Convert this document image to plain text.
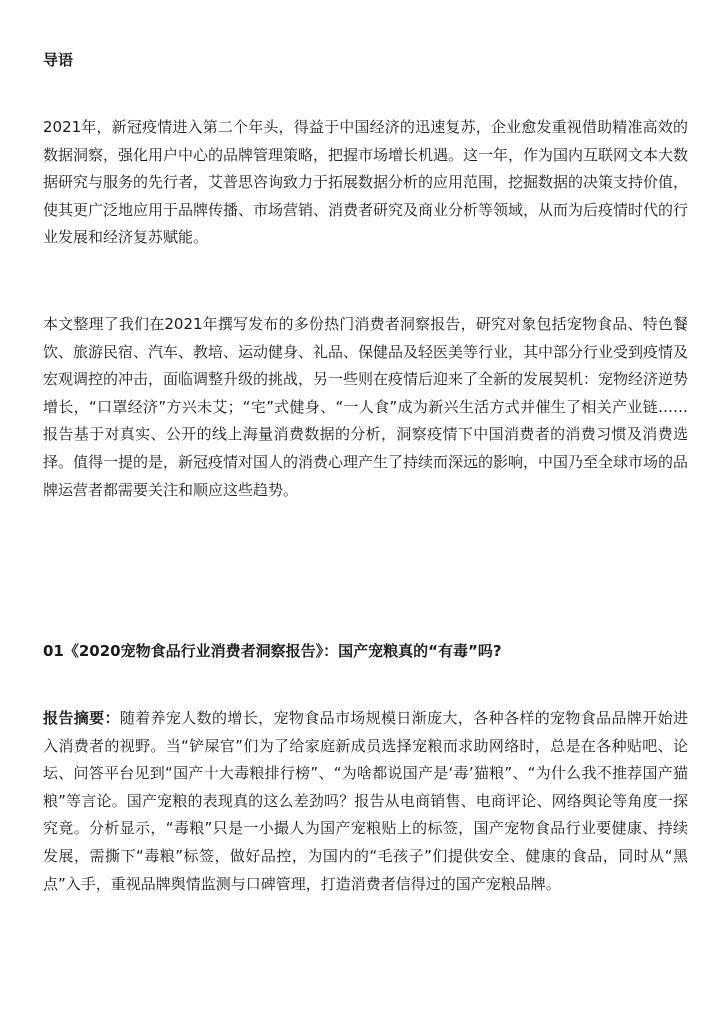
导语

2021年，新冠疫情进入第二个年头，得益于中国经济的迅速复苏，企业愈发重视借助精准高效的数据洞察，强化用户中心的品牌管理策略，把握市场增长机遇。这一年，作为国内互联网文本大数据研究与服务的先行者，艾普思咨询致力于拓展数据分析的应用范围，挖掘数据的决策支持价值，使其更广泛地应用于品牌传播、市场营销、消费者研究及商业分析等领域，从而为后疫情时代的行业发展和经济复苏赋能。

本文整理了我们在2021年撰写发布的多份热门消费者洞察报告，研究对象包括宠物食品、特色餐饮、旅游民宿、汽车、教培、运动健身、礼品、保健品及轻医美等行业，其中部分行业受到疫情及宏观调控的冲击，面临调整升级的挑战，另一些则在疫情后迎来了全新的发展契机：宠物经济逆势增长，“口罩经济”方兴未艾；“宅”式健身、“一人食”成为新兴生活方式并催生了相关产业链……报告基于对真实、公开的线上海量消费数据的分析，洞察疫情下中国消费者的消费习惯及消费选择。值得一提的是，新冠疫情对国人的消费心理产生了持续而深远的影响，中国乃至全球市场的品牌运营者都需要关注和顺应这些趋势。

01《2020宠物食品行业消费者洞察报告》：国产宠粮真的“有毒”吗?

报告摘要：随着养宠人数的增长，宠物食品市场规模日渐庞大，各种各样的宠物食品品牌开始进入消费者的视野。当“铲屎官”们为了给家庭新成员选择宠粮而求助网络时，总是在各种贴吧、论坛、问答平台见到“国产十大毒粮排行榜”、“为啥都说国产是‘毒’猫粮”、“为什么我不推荐国产猫粮”等言论。国产宠粮的表现真的这么差劲吗？报告从电商销售、电商评论、网络舆论等角度一探究竟。分析显示，“毒粮”只是一小撮人为国产宠粮贴上的标签，国产宠物食品行业要健康、持续发展，需撕下“毒粮”标签，做好品控，为国内的“毛孩子”们提供安全、健康的食品，同时从“黑点”入手，重视品牌舆情监测与口碑管理，打造消费者信得过的国产宠粮品牌。
